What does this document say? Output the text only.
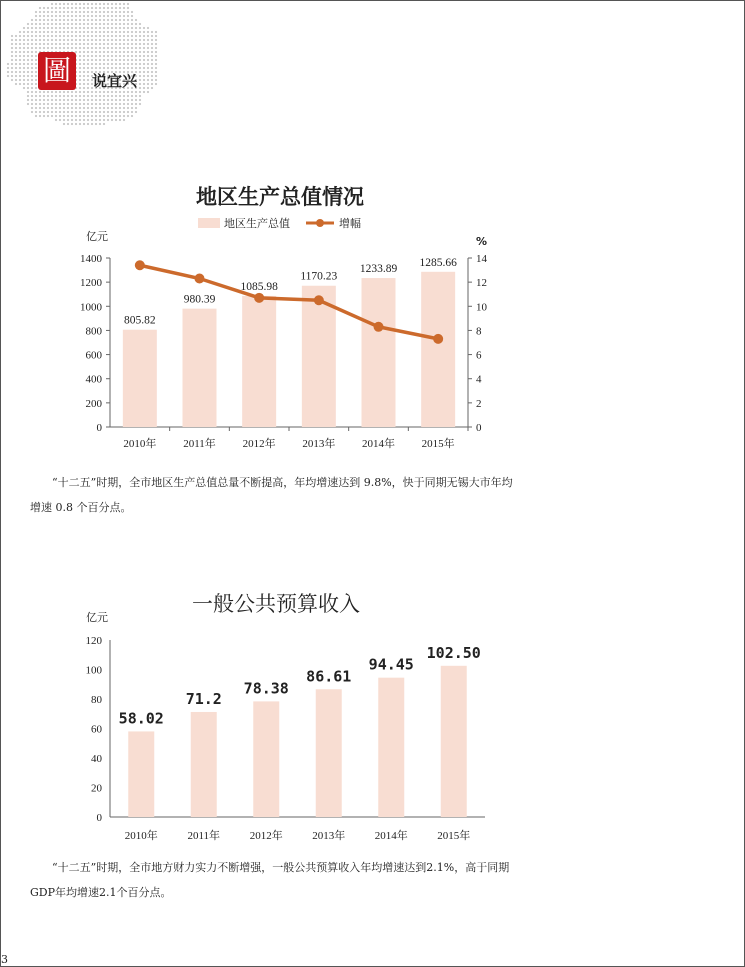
圖	说宜兴
地区生产总值情况
地区生产总值	增幅
亿元	%
0
200
400
600
800
1000
1200
1400
0
2
4
6
8
10
12
14
805.82
2010年
980.39
2011年
1085.98
2012年
1170.23
2013年
1233.89
2014年
1285.66
2015年
“十二五”时期，全市地区生产总值总量不断提高，年均增速达到 9.8%，快于同期无锡大市年均
增速 0.8 个百分点。
一般公共预算收入
亿元
0
20
40
60
80
100
120
58.02
2010年
71.2
2011年
78.38
2012年
86.61
2013年
94.45
2014年
102.50
2015年
“十二五”时期，全市地方财力实力不断增强，一般公共预算收入年均增速达到2.1%，高于同期
GDP年均增速2.1个百分点。
3
